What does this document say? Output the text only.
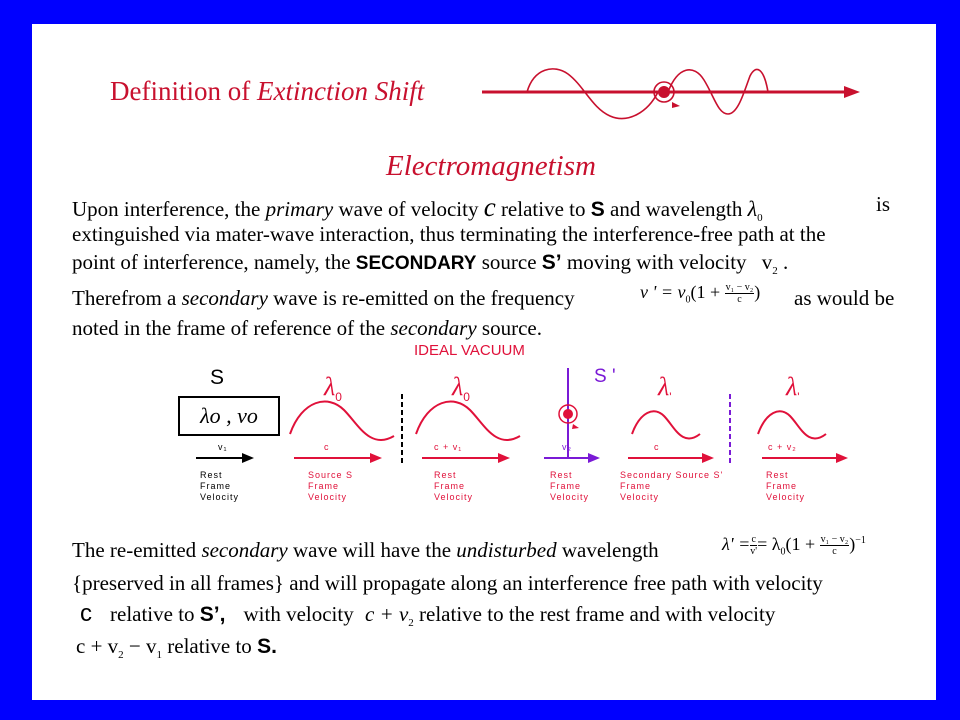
Definition of Extinction Shift
Electromagnetism
Upon interference, the primary wave of velocity c relative to S and wavelength $\lambda_0$
is
extinguished via mater-wave interaction, thus terminating the interference-free path at the
point of interference, namely, the SECONDARY source S’ moving with velocity $v_2$ .
Therefrom a secondary wave is re-emitted on the frequency	v ' = $v_0(1 + \frac{\text{v₁ − v₂}}{c}$ ) as would be
noted in the frame of reference of the secondary source.
IDEAL VACUUM
S
λo , νo
S '
$\lambda_0$	$\lambda_0$	$\lambda'$	$\lambda'$
v₁	c	c + v₁	v₂	c	c + v₂
Rest
Frame
Velocity
Source S
Frame
Velocity
Rest
Frame
Velocity
Rest
Frame
Velocity
Secondary Source S'
Frame
Velocity
Rest
Frame
Velocity
The re-emitted secondary wave will have the undisturbed wavelength	$\lambda' = \frac{c}{v'} = \lambda_0(1 + \frac{\text{v₁ − v₂}}{c} )^{-1}$
{preserved in all frames} and will propagate along an interference free path with velocity
c relative to S’, with velocity $c + v_2$ relative to the rest frame and with velocity
$c + v_2 - v_1$ relative to S.
